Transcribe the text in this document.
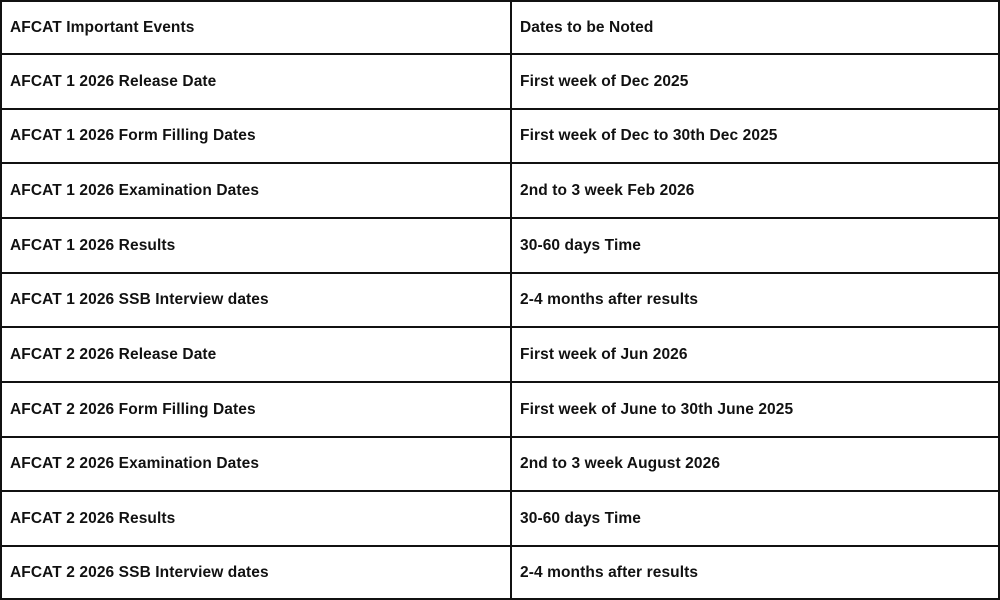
AFCAT Important Events	Dates to be Noted
AFCAT 1 2026 Release Date	First week of Dec 2025
AFCAT 1 2026 Form Filling Dates	First week of Dec to 30th Dec 2025
AFCAT 1 2026 Examination Dates	2nd to 3 week Feb 2026
AFCAT 1 2026 Results	30-60 days Time
AFCAT 1 2026 SSB Interview dates	2-4 months after results
AFCAT 2 2026 Release Date	First week of Jun 2026
AFCAT 2 2026 Form Filling Dates	First week of June to 30th June 2025
AFCAT 2 2026 Examination Dates	2nd to 3 week August 2026
AFCAT 2 2026 Results	30-60 days Time
AFCAT 2 2026 SSB Interview dates	2-4 months after results
